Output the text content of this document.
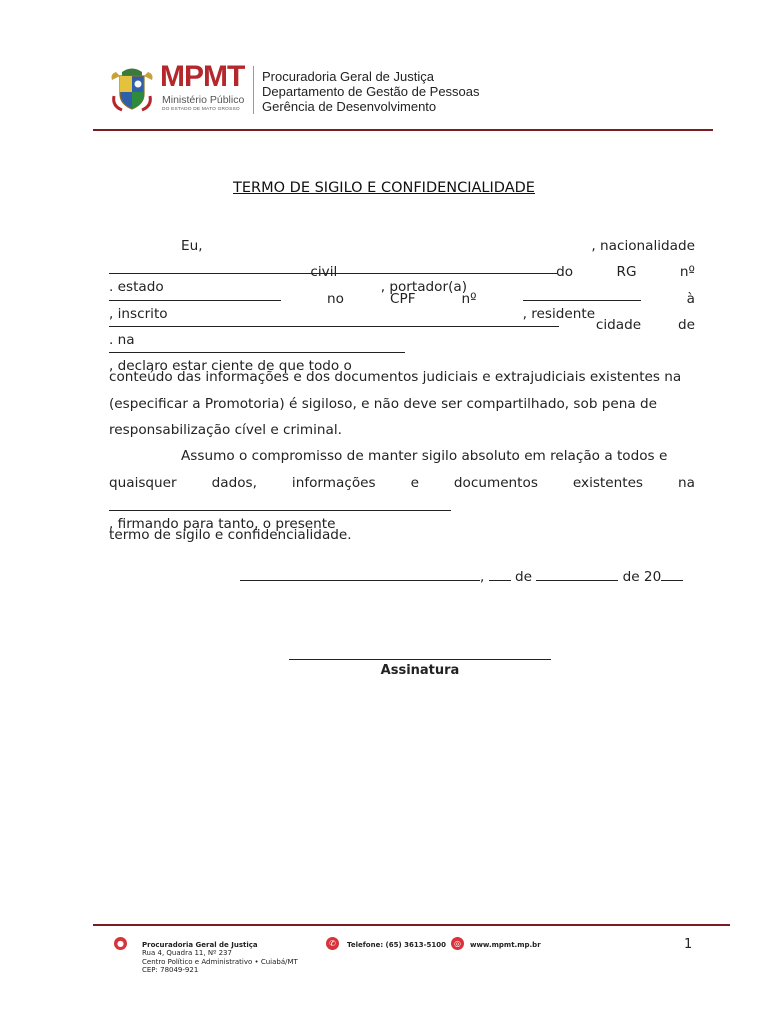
MPMT
Ministério Público
DO ESTADO DE MATO GROSSO
Procuradoria Geral de Justiça
Departamento de Gestão de Pessoas
Gerência de Desenvolvimento
TERMO DE SIGILO E CONFIDENCIALIDADE
Eu,	, nacionalidade
. estado
civil
, portador(a)
do	RG	nº
, inscrito
no	CPF	nº
, residente
à
. na
cidade	de
, declaro estar ciente de que todo o
conteúdo das informações e dos documentos judiciais e extrajudiciais existentes na
(especificar a Promotoria) é sigiloso, e não deve ser compartilhado, sob pena de
responsabilização cível e criminal.
Assumo o compromisso de manter sigilo absoluto em relação a todos e
quaisquer	dados,	informações	e	documentos	existentes	na
, firmando para tanto, o presente
termo de sigilo e confidencialidade.
,  de	de 20
Assinatura
●	Procuradoria Geral de Justiça
Rua 4, Quadra 11, Nº 237
Centro Político e Administrativo • Cuiabá/MT
CEP: 78049-921
✆	Telefone: (65) 3613-5100 ◎	www.mpmt.mp.br	1
